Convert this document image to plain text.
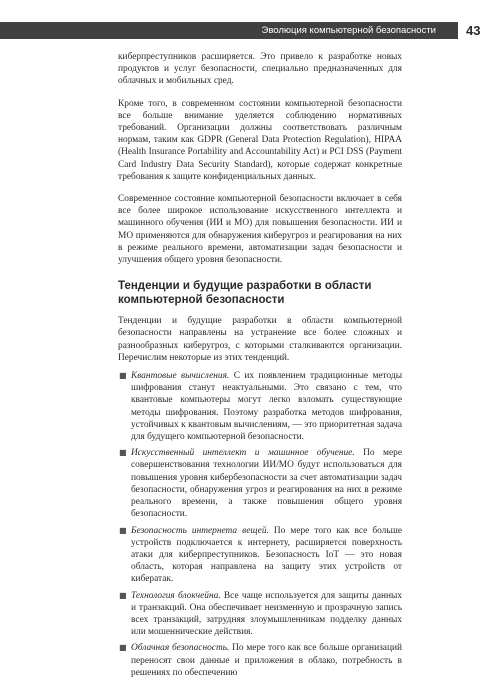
Эволюция компьютерной безопасности 43

киберпреступников расширяется. Это привело к разработке новых продуктов и услуг безопасности, специально предназначенных для облачных и мобильных сред.

Кроме того, в современном состоянии компьютерной безопасности все больше внимание уделяется соблюдению нормативных требований. Организации должны соответствовать различным нормам, таким как GDPR (General Data Protection Regulation), HIPAA (Health Insurance Portability and Accountability Act) и PCI DSS (Payment Card Industry Data Security Standard), которые содержат конкретные требования к защите конфиденциальных данных.

Современное состояние компьютерной безопасности включает в себя все более широкое использование искусственного интеллекта и машинного обучения (ИИ и МО) для повышения безопасности. ИИ и МО применяются для обнаружения киберугроз и реагирования на них в режиме реального времени, автоматизации задач безопасности и улучшения общего уровня безопасности.

Тенденции и будущие разработки в области компьютерной безопасности

Тенденции и будущие разработки в области компьютерной безопасности направлены на устранение все более сложных и разнообразных киберугроз, с которыми сталкиваются организации. Перечислим некоторые из этих тенденций.

■ Квантовые вычисления. С их появлением традиционные методы шифрования станут неактуальными. Это связано с тем, что квантовые компьютеры могут легко взломать существующие методы шифрования. Поэтому разработка методов шифрования, устойчивых к квантовым вычислениям, — это приоритетная задача для будущего компьютерной безопасности.
■ Искусственный интеллект и машинное обучение. По мере совершенствования технологии ИИ/МО будут использоваться для повышения уровня кибербезопасности за счет автоматизации задач безопасности, обнаружения угроз и реагирования на них в режиме реального времени, а также повышения общего уровня безопасности.
■ Безопасность интернета вещей. По мере того как все больше устройств подключается к интернету, расширяется поверхность атаки для киберпреступников. Безопасность IoT — это новая область, которая направлена на защиту этих устройств от кибератак.
■ Технология блокчейна. Все чаще используется для защиты данных и транзакций. Она обеспечивает неизменную и прозрачную запись всех транзакций, затрудняя злоумышленникам подделку данных или мошеннические действия.
■ Облачная безопасность. По мере того как все больше организаций переносят свои данные и приложения в облако, потребность в решениях по обеспечению
